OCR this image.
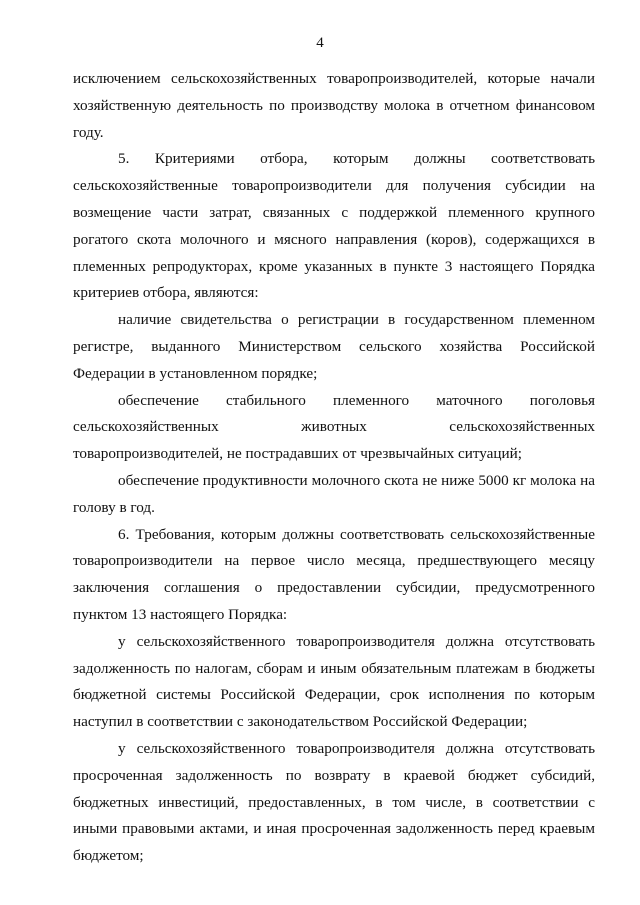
4
исключением сельскохозяйственных товаропроизводителей, которые начали
хозяйственную деятельность по производству молока в отчетном финансовом
году.
5. Критериями отбора, которым должны соответствовать
сельскохозяйственные товаропроизводители для получения субсидии на
возмещение части затрат, связанных с поддержкой племенного крупного
рогатого скота молочного и мясного направления (коров), содержащихся в
племенных репродукторах, кроме указанных в пункте 3 настоящего Порядка
критериев отбора, являются:
наличие свидетельства о регистрации в государственном племенном
регистре, выданного Министерством сельского хозяйства Российской
Федерации в установленном порядке;
обеспечение стабильного племенного маточного поголовья
сельскохозяйственных животных сельскохозяйственных
товаропроизводителей, не пострадавших от чрезвычайных ситуаций;
обеспечение продуктивности молочного скота не ниже 5000 кг молока на
голову в год.
6. Требования, которым должны соответствовать сельскохозяйственные
товаропроизводители на первое число месяца, предшествующего месяцу
заключения соглашения о предоставлении субсидии, предусмотренного
пунктом 13 настоящего Порядка:
у сельскохозяйственного товаропроизводителя должна отсутствовать
задолженность по налогам, сборам и иным обязательным платежам в бюджеты
бюджетной системы Российской Федерации, срок исполнения по которым
наступил в соответствии с законодательством Российской Федерации;
у сельскохозяйственного товаропроизводителя должна отсутствовать
просроченная задолженность по возврату в краевой бюджет субсидий,
бюджетных инвестиций, предоставленных, в том числе, в соответствии с
иными правовыми актами, и иная просроченная задолженность перед краевым
бюджетом;
